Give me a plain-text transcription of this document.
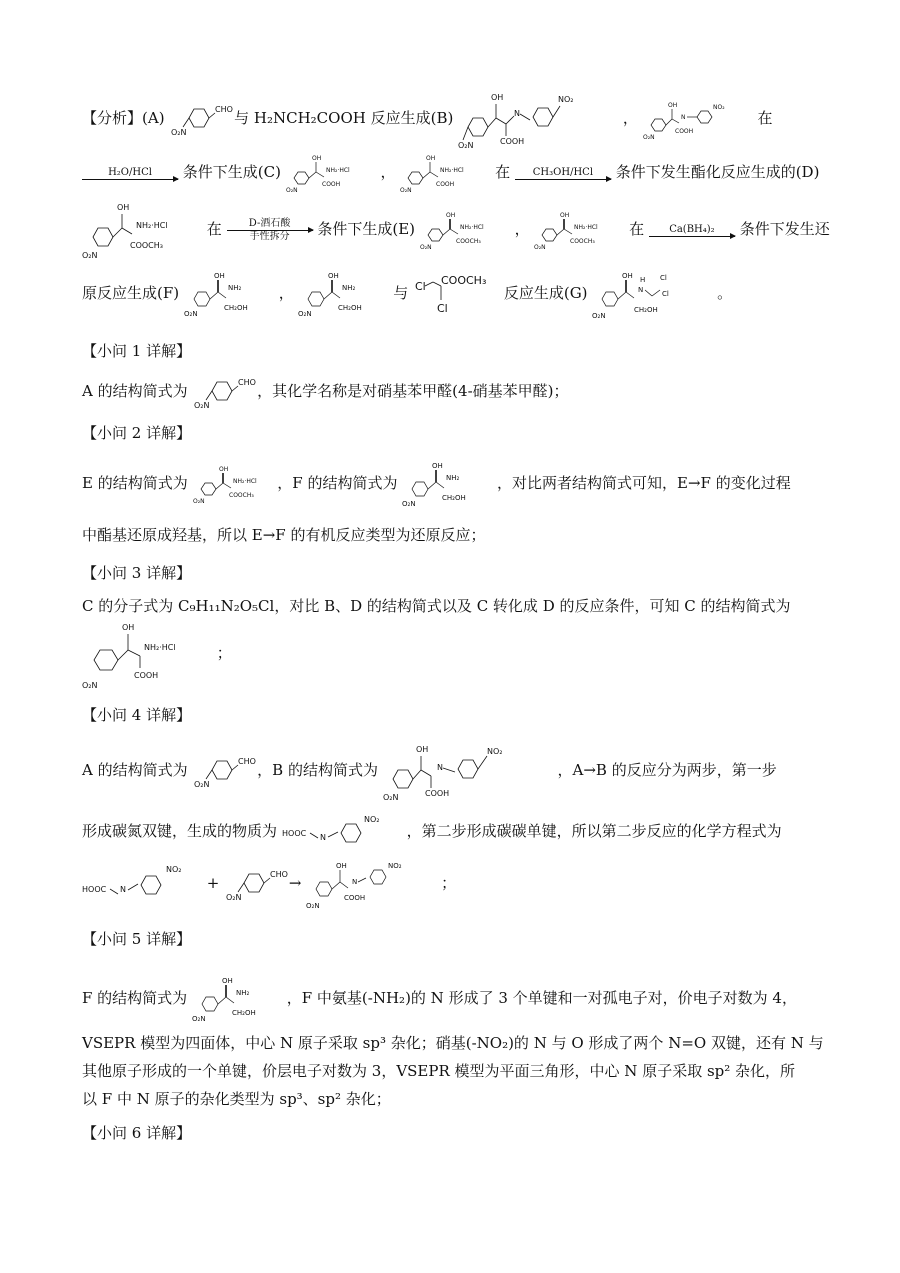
【分析】(A)	CHO
O₂N
与 H₂NCH₂COOH 反应生成(B)
O₂N
OH
COOH
N
NO₂
，
O₂N
OH
COOH
N
NO₂
在
H₂O/HCl	条件下生成(C)
O₂N
OH
NH₂·HCl
COOH
，
O₂N
OH
NH₂·HCl
COOH
在	CH₃OH/HCl	条件下发生酯化反应生成的(D)
O₂N
OH
NH₂·HCl
COOCH₃
在	D-酒石酸
手性拆分	条件下生成(E)
O₂N
OH
NH₂·HCl
COOCH₃
，
O₂N
OH
NH₂·HCl
COOCH₃
在	Ca(BH₄)₂	条件下发生还
原反应生成(F)
O₂N
OH
NH₂
CH₂OH
，
O₂N
OH
NH₂
CH₂OH
与 Cl
Cl
COOCH₃
反应生成(G)
O₂N
OH
CH₂OH
N
H Cl
Cl	。
【小问 1 详解】
A 的结构简式为	CHO
O₂N
，其化学名称是对硝基苯甲醛(4-硝基苯甲醛)；
【小问 2 详解】
E 的结构简式为
O₂N
OH
NH₂·HCl
COOCH₃
，F 的结构简式为
O₂N
OH
NH₂
CH₂OH
，对比两者结构简式可知，E→F 的变化过程
中酯基还原成羟基，所以 E→F 的有机反应类型为还原反应；
【小问 3 详解】
C 的分子式为 C₉H₁₁N₂O₅Cl，对比 B、D 的结构简式以及 C 转化成 D 的反应条件，可知 C 的结构简式为
O₂N
OH
NH₂·HCl
COOH
；
【小问 4 详解】
A 的结构简式为	CHO
O₂N
，B 的结构简式为
O₂N
OH
COOH
N
NO₂
，A→B 的反应分为两步，第一步
形成碳氮双键，生成的物质为 HOOC N
NO₂
，第二步形成碳碳单键，所以第二步反应的化学方程式为
HOOC N
NO₂
+	CHO
O₂N
→
O₂N
OH
COOH
N
NO₂
；
【小问 5 详解】
F 的结构简式为
O₂N
OH
NH₂
CH₂OH
，F 中氨基(-NH₂)的 N 形成了 3 个单键和一对孤电子对，价电子对数为 4，
VSEPR 模型为四面体，中心 N 原子采取 sp³ 杂化；硝基(-NO₂)的 N 与 O 形成了两个 N=O 双键，还有 N 与
其他原子形成的一个单键，价层电子对数为 3，VSEPR 模型为平面三角形，中心 N 原子采取 sp² 杂化，所
以 F 中 N 原子的杂化类型为 sp³、sp² 杂化；
【小问 6 详解】
